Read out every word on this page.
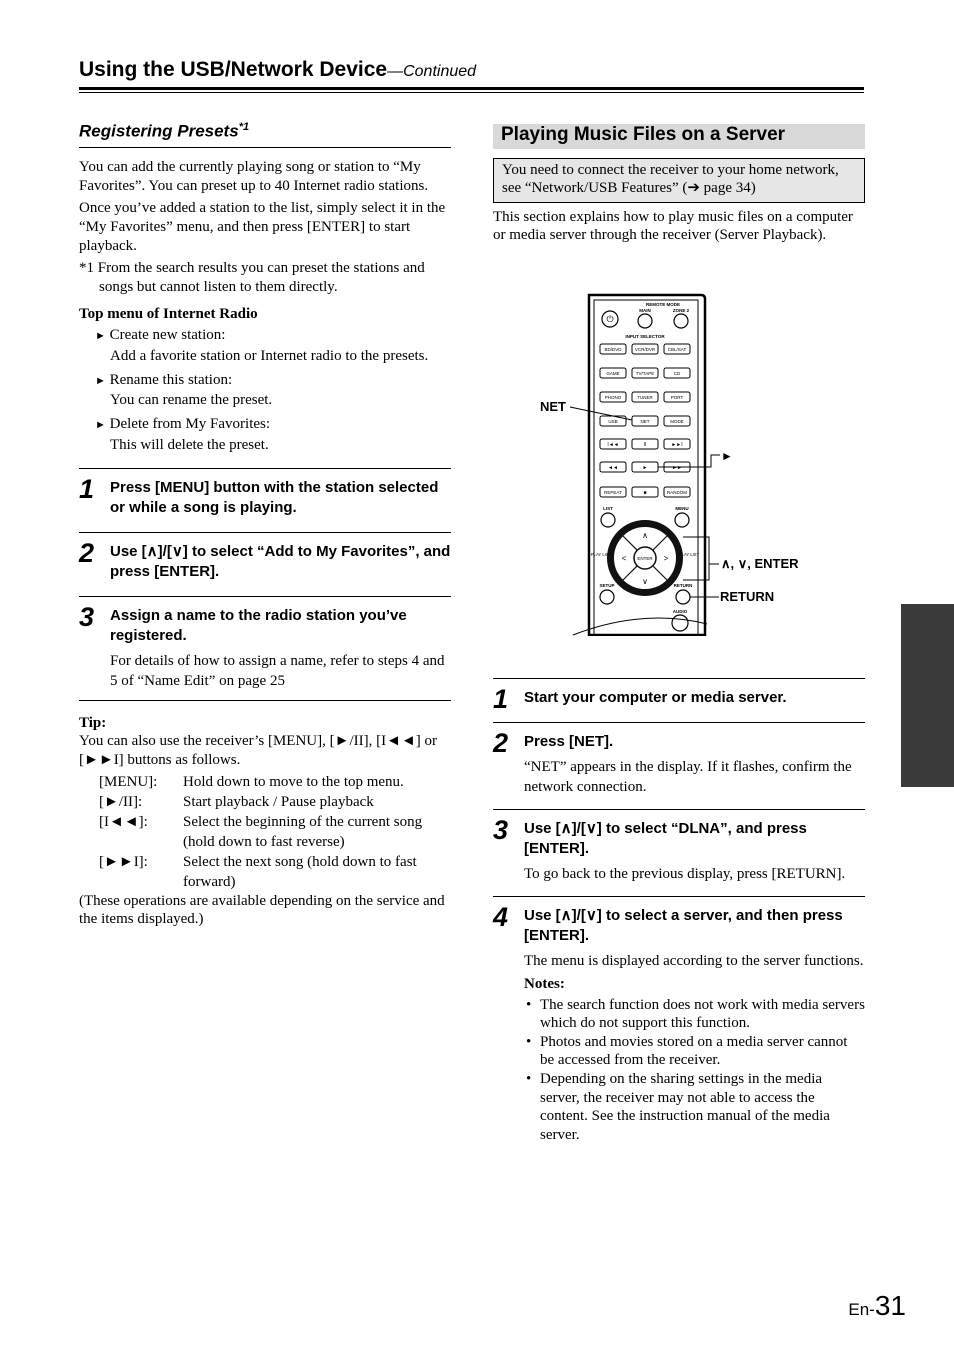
Using the USB/Network Device—Continued
Registering Presets$^{*1}$

You can add the currently playing song or station to “My Favorites”. You can preset up to 40 Internet radio stations.

Once you’ve added a station to the list, simply select it in the “My Favorites” menu, and then press [ENTER] to start playback.

*1 From the search results you can preset the stations and songs but cannot listen to them directly.

Top menu of Internet Radio

► Create new station:
Add a favorite station or Internet radio to the presets.
► Rename this station:
You can rename the preset.
► Delete from My Favorites:
This will delete the preset.
1 Press [MENU] button with the station selected or while a song is playing.
2 Use [∧]/[∨] to select “Add to My Favorites”, and press [ENTER].
3 Assign a name to the radio station you’ve registered.
For details of how to assign a name, refer to steps 4 and 5 of “Name Edit” on page 25

Tip:

You can also use the receiver’s [MENU], [►/II], [I◄◄] or [►►I] buttons as follows.

[MENU]:	Hold down to move to the top menu.
[►/II]:	Start playback / Pause playback
[I◄◄]:	Select the beginning of the current song (hold down to fast reverse)
[►►I]:	Select the next song (hold down to fast forward)

(These operations are available depending on the service and the items displayed.)

Playing Music Files on a Server
You need to connect the receiver to your home network, see “Network/USB Features” (➔ page 34)

This section explains how to play music files on a computer or media server through the receiver (Server Playback).

REMOTE MODE
MAIN	ZONE 2
⏻
INPUT SELECTOR
BD/DVD	VCR/DVR	CBL/SAT
GAME	TV/TAPE	CD
PHONO	TUNER	PORT
USB	NET	MODE
I◄◄	II	►►I
◄◄	►	►►
REPEAT	■	RANDOM
LIST	MENU
ENTER
∧
∨
<	>
PLAY LIST	PLAY LIST
SETUP	RETURN
AUDIO
NET
►
∧, ∨, ENTER
RETURN
1 Start your computer or media server.
2 Press [NET].
“NET” appears in the display. If it flashes, confirm the network connection.
3 Use [∧]/[∨] to select “DLNA”, and press [ENTER].
To go back to the previous display, press [RETURN].
4 Use [∧]/[∨] to select a server, and then press [ENTER].
The menu is displayed according to the server functions.

Notes:

• The search function does not work with media servers which do not support this function.
• Photos and movies stored on a media server cannot be accessed from the receiver.
• Depending on the sharing settings in the media server, the receiver may not able to access the content. See the instruction manual of the media server.
En-31
